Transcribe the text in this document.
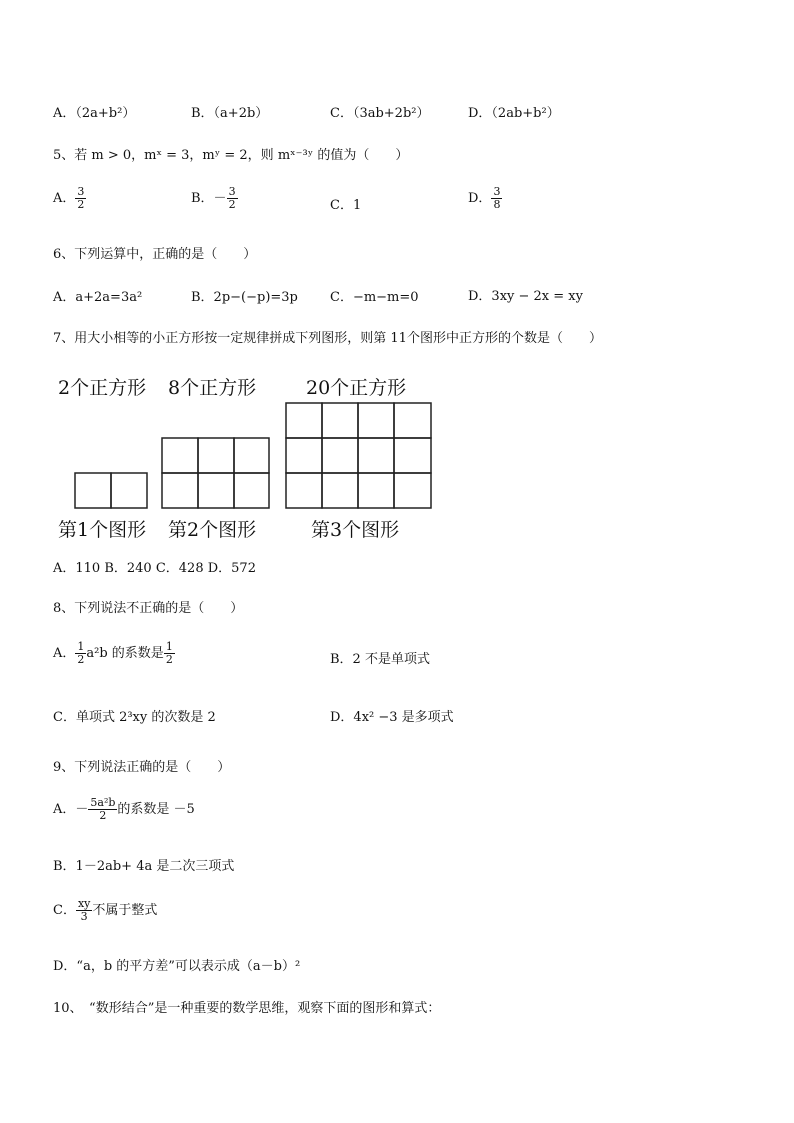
A．（2a+b²）	B．（a+2b）	C．（3ab+2b²）	D．（2ab+b²）
5、若 m > 0，mˣ = 3，mʸ = 2，则 mˣ⁻³ʸ 的值为（　　）
A． $\frac{3}{2}$	B．－ $\frac{3}{2}$	C．1	D． $\frac{3}{8}$
6、下列运算中，正确的是（　　）
A．a+2a=3a²	B．2p−(−p)=3p C．−m−m=0	D．3xy − 2x = xy
7、用大小相等的小正方形按一定规律拼成下列图形，则第 11个图形中正方形的个数是（　　）
2个正方形 8个正方形	20个正方形
第1个图形 第2个图形	第3个图形
A．110 B．240 C．428 D．572
8、下列说法不正确的是（　　）
A． $\frac{1}{2} a^2b$ 的系数是 $\frac{1}{2}$	B．2 不是单项式
C．单项式 2³xy 的次数是 2	D．4x² −3 是多项式
9、下列说法正确的是（　　）
A．－ $\frac{\text{5a²b}}{2}$ 的系数是 －5
B．1－2ab+ 4a 是二次三项式
C． $\frac{xy}{3}$ 不属于整式
D．“a，b 的平方差”可以表示成（a－b）²
10、　“数形结合”是一种重要的数学思维，观察下面的图形和算式：
